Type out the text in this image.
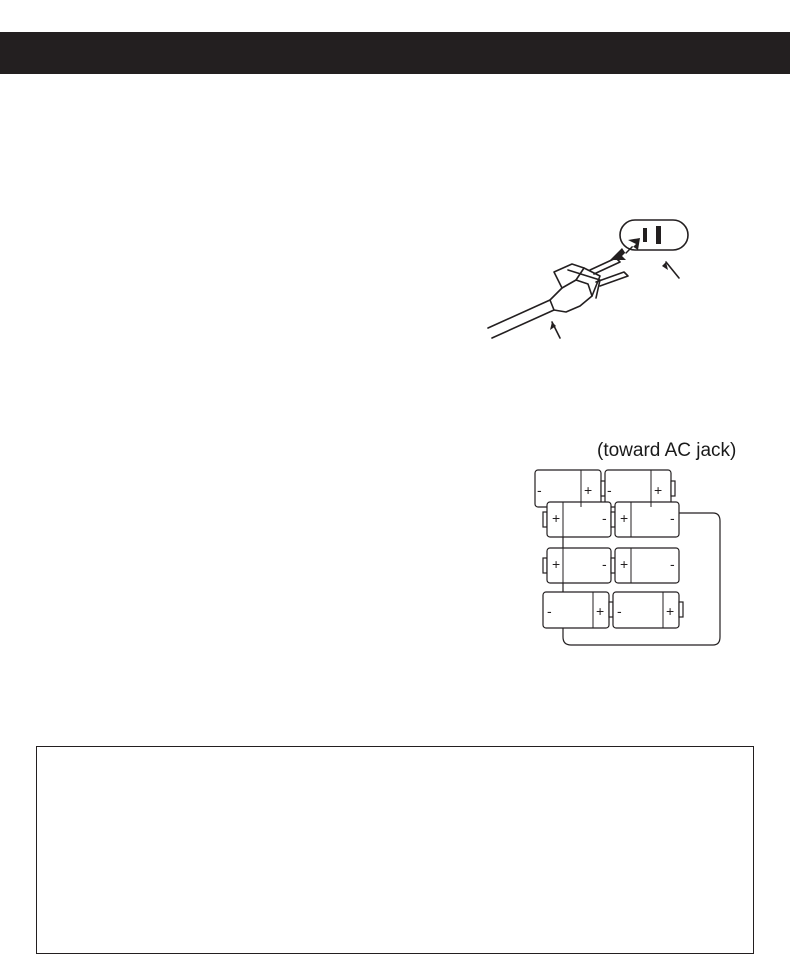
(toward AC jack)
-	+ -	+
+	- +	-
+	- +	-
-	+ -	+
